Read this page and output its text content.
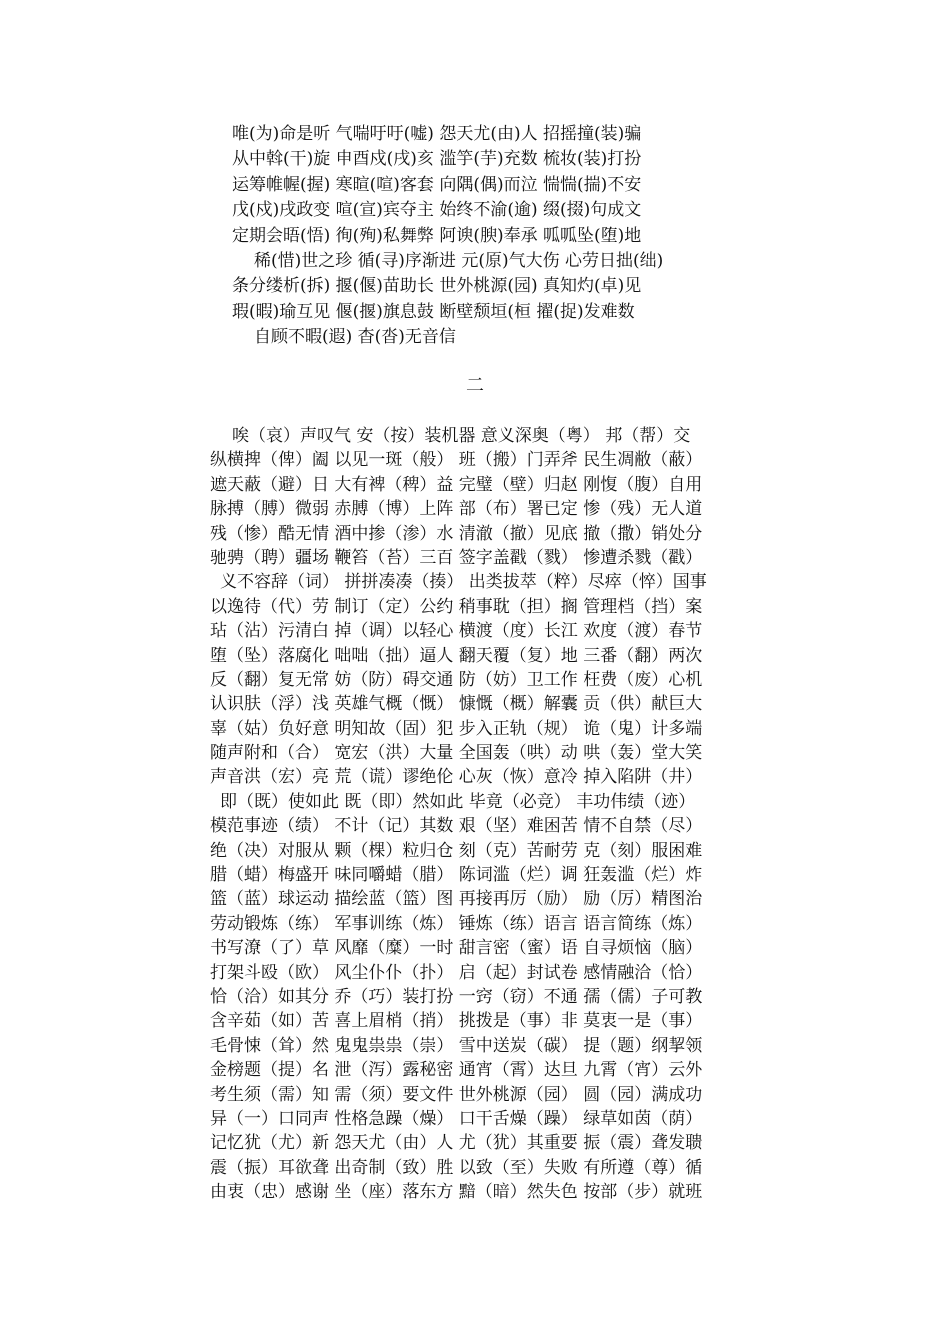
唯(为)命是听 气喘吁吁(嘘) 怨天尤(由)人 招摇撞(装)骗
从中斡(干)旋 申酉戍(戌)亥 滥竽(芋)充数 梳妆(装)打扮
运筹帷幄(握) 寒暄(喧)客套 向隅(偶)而泣 惴惴(揣)不安
戊(戍)戌政变 喧(宣)宾夺主 始终不渝(逾) 缀(掇)句成文
定期会晤(悟) 徇(殉)私舞弊 阿谀(腴)奉承 呱呱坠(堕)地
稀(惜)世之珍 循(寻)序渐进 元(原)气大伤 心劳日拙(绌)
条分缕析(拆) 揠(偃)苗助长 世外桃源(园) 真知灼(卓)见
瑕(暇)瑜互见 偃(揠)旗息鼓 断壁颓垣(桓 擢(捉)发难数
自顾不暇(遐) 杳(沓)无音信
二
唉（哀）声叹气 安（按）装机器 意义深奥（粤） 邦（帮）交
纵横捭（俾）阖 以见一斑（般） 班（搬）门弄斧 民生凋敝（蔽）
遮天蔽（避）日 大有裨（稗）益 完璧（壁）归赵 刚愎（腹）自用
脉搏（膊）微弱 赤膊（博）上阵 部（布）署已定 惨（残）无人道
残（惨）酷无情 酒中掺（渗）水 清澈（撤）见底 撤（撒）销处分
驰骋（聘）疆场 鞭笞（苔）三百 签字盖戳（戮） 惨遭杀戮（戳）
义不容辞（词） 拼拼凑凑（揍） 出类拔萃（粹）尽瘁（悴）国事
以逸待（代）劳 制订（定）公约 稍事耽（担）搁 管理档（挡）案
玷（沾）污清白 掉（调）以轻心 横渡（度）长江 欢度（渡）春节
堕（坠）落腐化 咄咄（拙）逼人 翻天覆（复）地 三番（翻）两次
反（翻）复无常 妨（防）碍交通 防（妨）卫工作 枉费（废）心机
认识肤（浮）浅 英雄气概（慨） 慷慨（概）解囊 贡（供）献巨大
辜（姑）负好意 明知故（固）犯 步入正轨（规） 诡（鬼）计多端
随声附和（合） 宽宏（洪）大量 全国轰（哄）动 哄（轰）堂大笑
声音洪（宏）亮 荒（谎）谬绝伦 心灰（恢）意冷 掉入陷阱（井）
即（既）使如此 既（即）然如此 毕竟（必竞） 丰功伟绩（迹）
模范事迹（绩） 不计（记）其数 艰（坚）难困苦 情不自禁（尽）
绝（决）对服从 颗（棵）粒归仓 刻（克）苦耐劳 克（刻）服困难
腊（蜡）梅盛开 味同嚼蜡（腊） 陈词滥（烂）调 狂轰滥（烂）炸
篮（蓝）球运动 描绘蓝（篮）图 再接再厉（励） 励（厉）精图治
劳动锻炼（练） 军事训练（炼） 锤炼（练）语言 语言简练（炼）
书写潦（了）草 风靡（糜）一时 甜言密（蜜）语 自寻烦恼（脑）
打架斗殴（欧） 风尘仆仆（扑） 启（起）封试卷 感情融洽（恰）
恰（洽）如其分 乔（巧）装打扮 一窍（窃）不通 孺（儒）子可教
含辛茹（如）苦 喜上眉梢（捎） 挑拨是（事）非 莫衷一是（事）
毛骨悚（耸）然 鬼鬼祟祟（崇） 雪中送炭（碳） 提（题）纲挈领
金榜题（提）名 泄（泻）露秘密 通宵（霄）达旦 九霄（宵）云外
考生须（需）知 需（须）要文件 世外桃源（园） 圆（园）满成功
异（一）口同声 性格急躁（燥） 口干舌燥（躁） 绿草如茵（荫）
记忆犹（尤）新 怨天尤（由）人 尤（犹）其重要 振（震）聋发聩
震（振）耳欲聋 出奇制（致）胜 以致（至）失败 有所遵（尊）循
由衷（忠）感谢 坐（座）落东方 黯（暗）然失色 按部（步）就班
